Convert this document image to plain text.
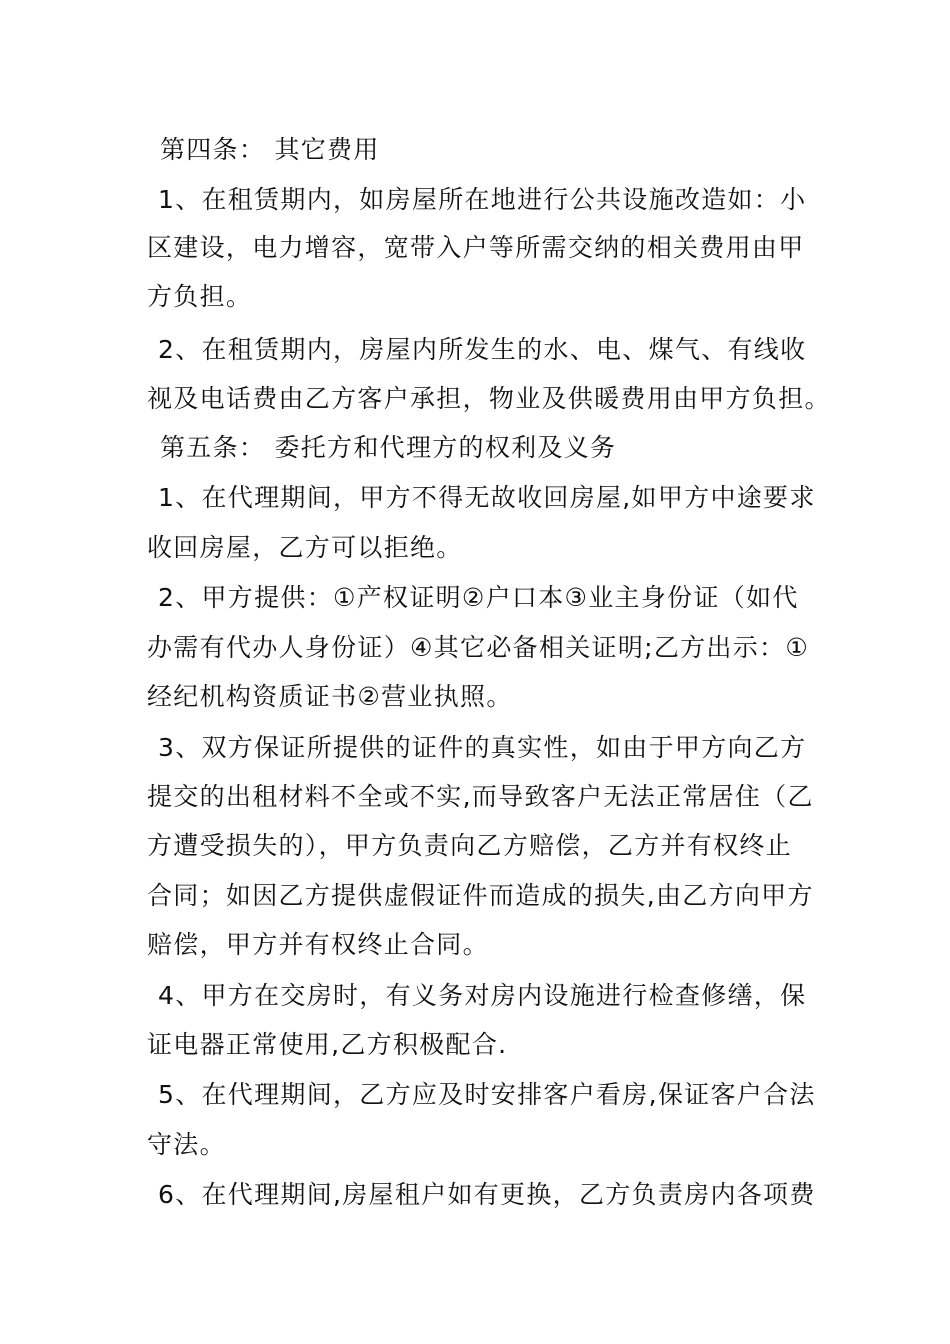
第四条： 其它费用
1、在租赁期内，如房屋所在地进行公共设施改造如：小
区建设，电力增容，宽带入户等所需交纳的相关费用由甲
方负担。
2、在租赁期内，房屋内所发生的水、电、煤气、有线收
视及电话费由乙方客户承担，物业及供暖费用由甲方负担。
第五条： 委托方和代理方的权利及义务
1、在代理期间，甲方不得无故收回房屋,如甲方中途要求
收回房屋，乙方可以拒绝。
2、甲方提供：①产权证明②户口本③业主身份证（如代
办需有代办人身份证）④其它必备相关证明;乙方出示：①
经纪机构资质证书②营业执照。
3、双方保证所提供的证件的真实性，如由于甲方向乙方
提交的出租材料不全或不实,而导致客户无法正常居住（乙
方遭受损失的），甲方负责向乙方赔偿，乙方并有权终止
合同；如因乙方提供虚假证件而造成的损失,由乙方向甲方
赔偿，甲方并有权终止合同。
4、甲方在交房时，有义务对房内设施进行检查修缮，保
证电器正常使用,乙方积极配合.
5、在代理期间，乙方应及时安排客户看房,保证客户合法
守法。
6、在代理期间,房屋租户如有更换，乙方负责房内各项费
